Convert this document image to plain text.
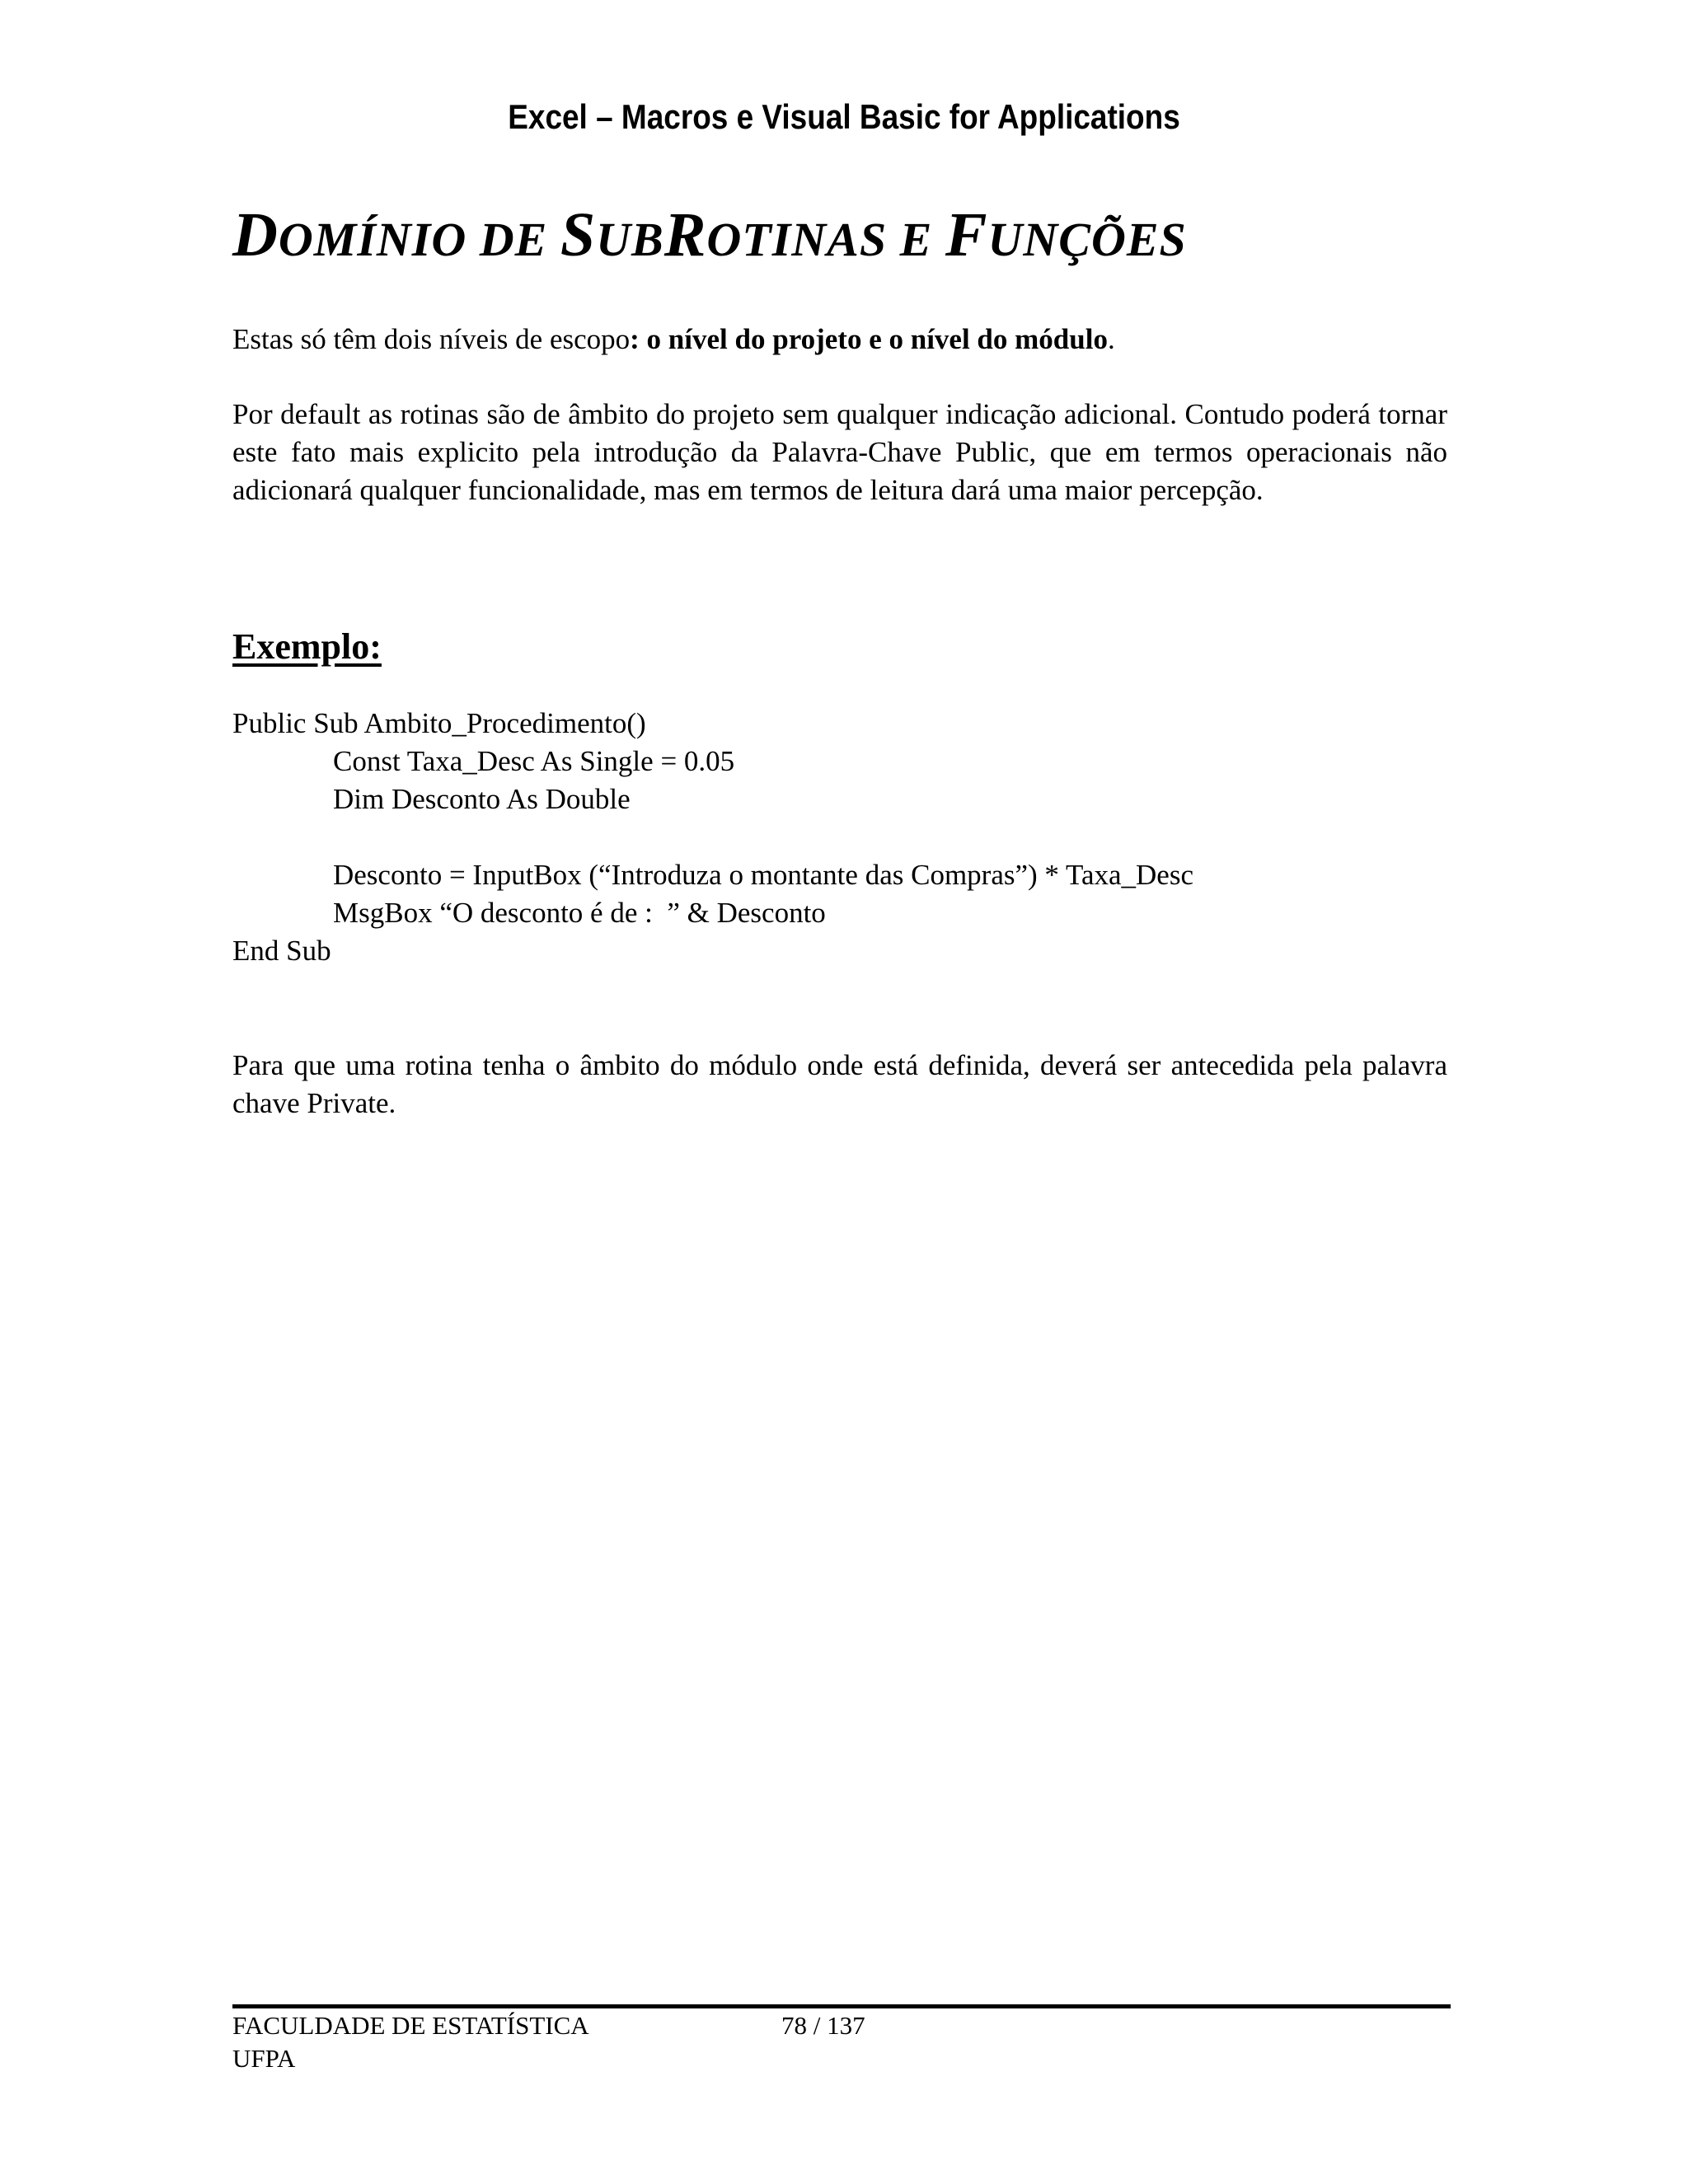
Excel – Macros e Visual Basic for Applications
DOMÍNIO DE SUBROTINAS E FUNÇÕES

Estas só têm dois níveis de escopo: o nível do projeto e o nível do módulo.

Por default as rotinas são de âmbito do projeto sem qualquer indicação adicional. Contudo poderá tornar este fato mais explicito pela introdução da Palavra-Chave Public, que em termos operacionais não adicionará qualquer funcionalidade, mas em termos de leitura dará uma maior percepção.

Exemplo:
Public Sub Ambito_Procedimento()
Const Taxa_Desc As Single = 0.05
Dim Desconto As Double
Desconto = InputBox (“Introduza o montante das Compras”) * Taxa_Desc
MsgBox “O desconto é de :  ” & Desconto
End Sub

Para que uma rotina tenha o âmbito do módulo onde está definida, deverá ser antecedida pela palavra chave Private.

FACULDADE DE ESTATÍSTICA
UFPA
78 / 137
